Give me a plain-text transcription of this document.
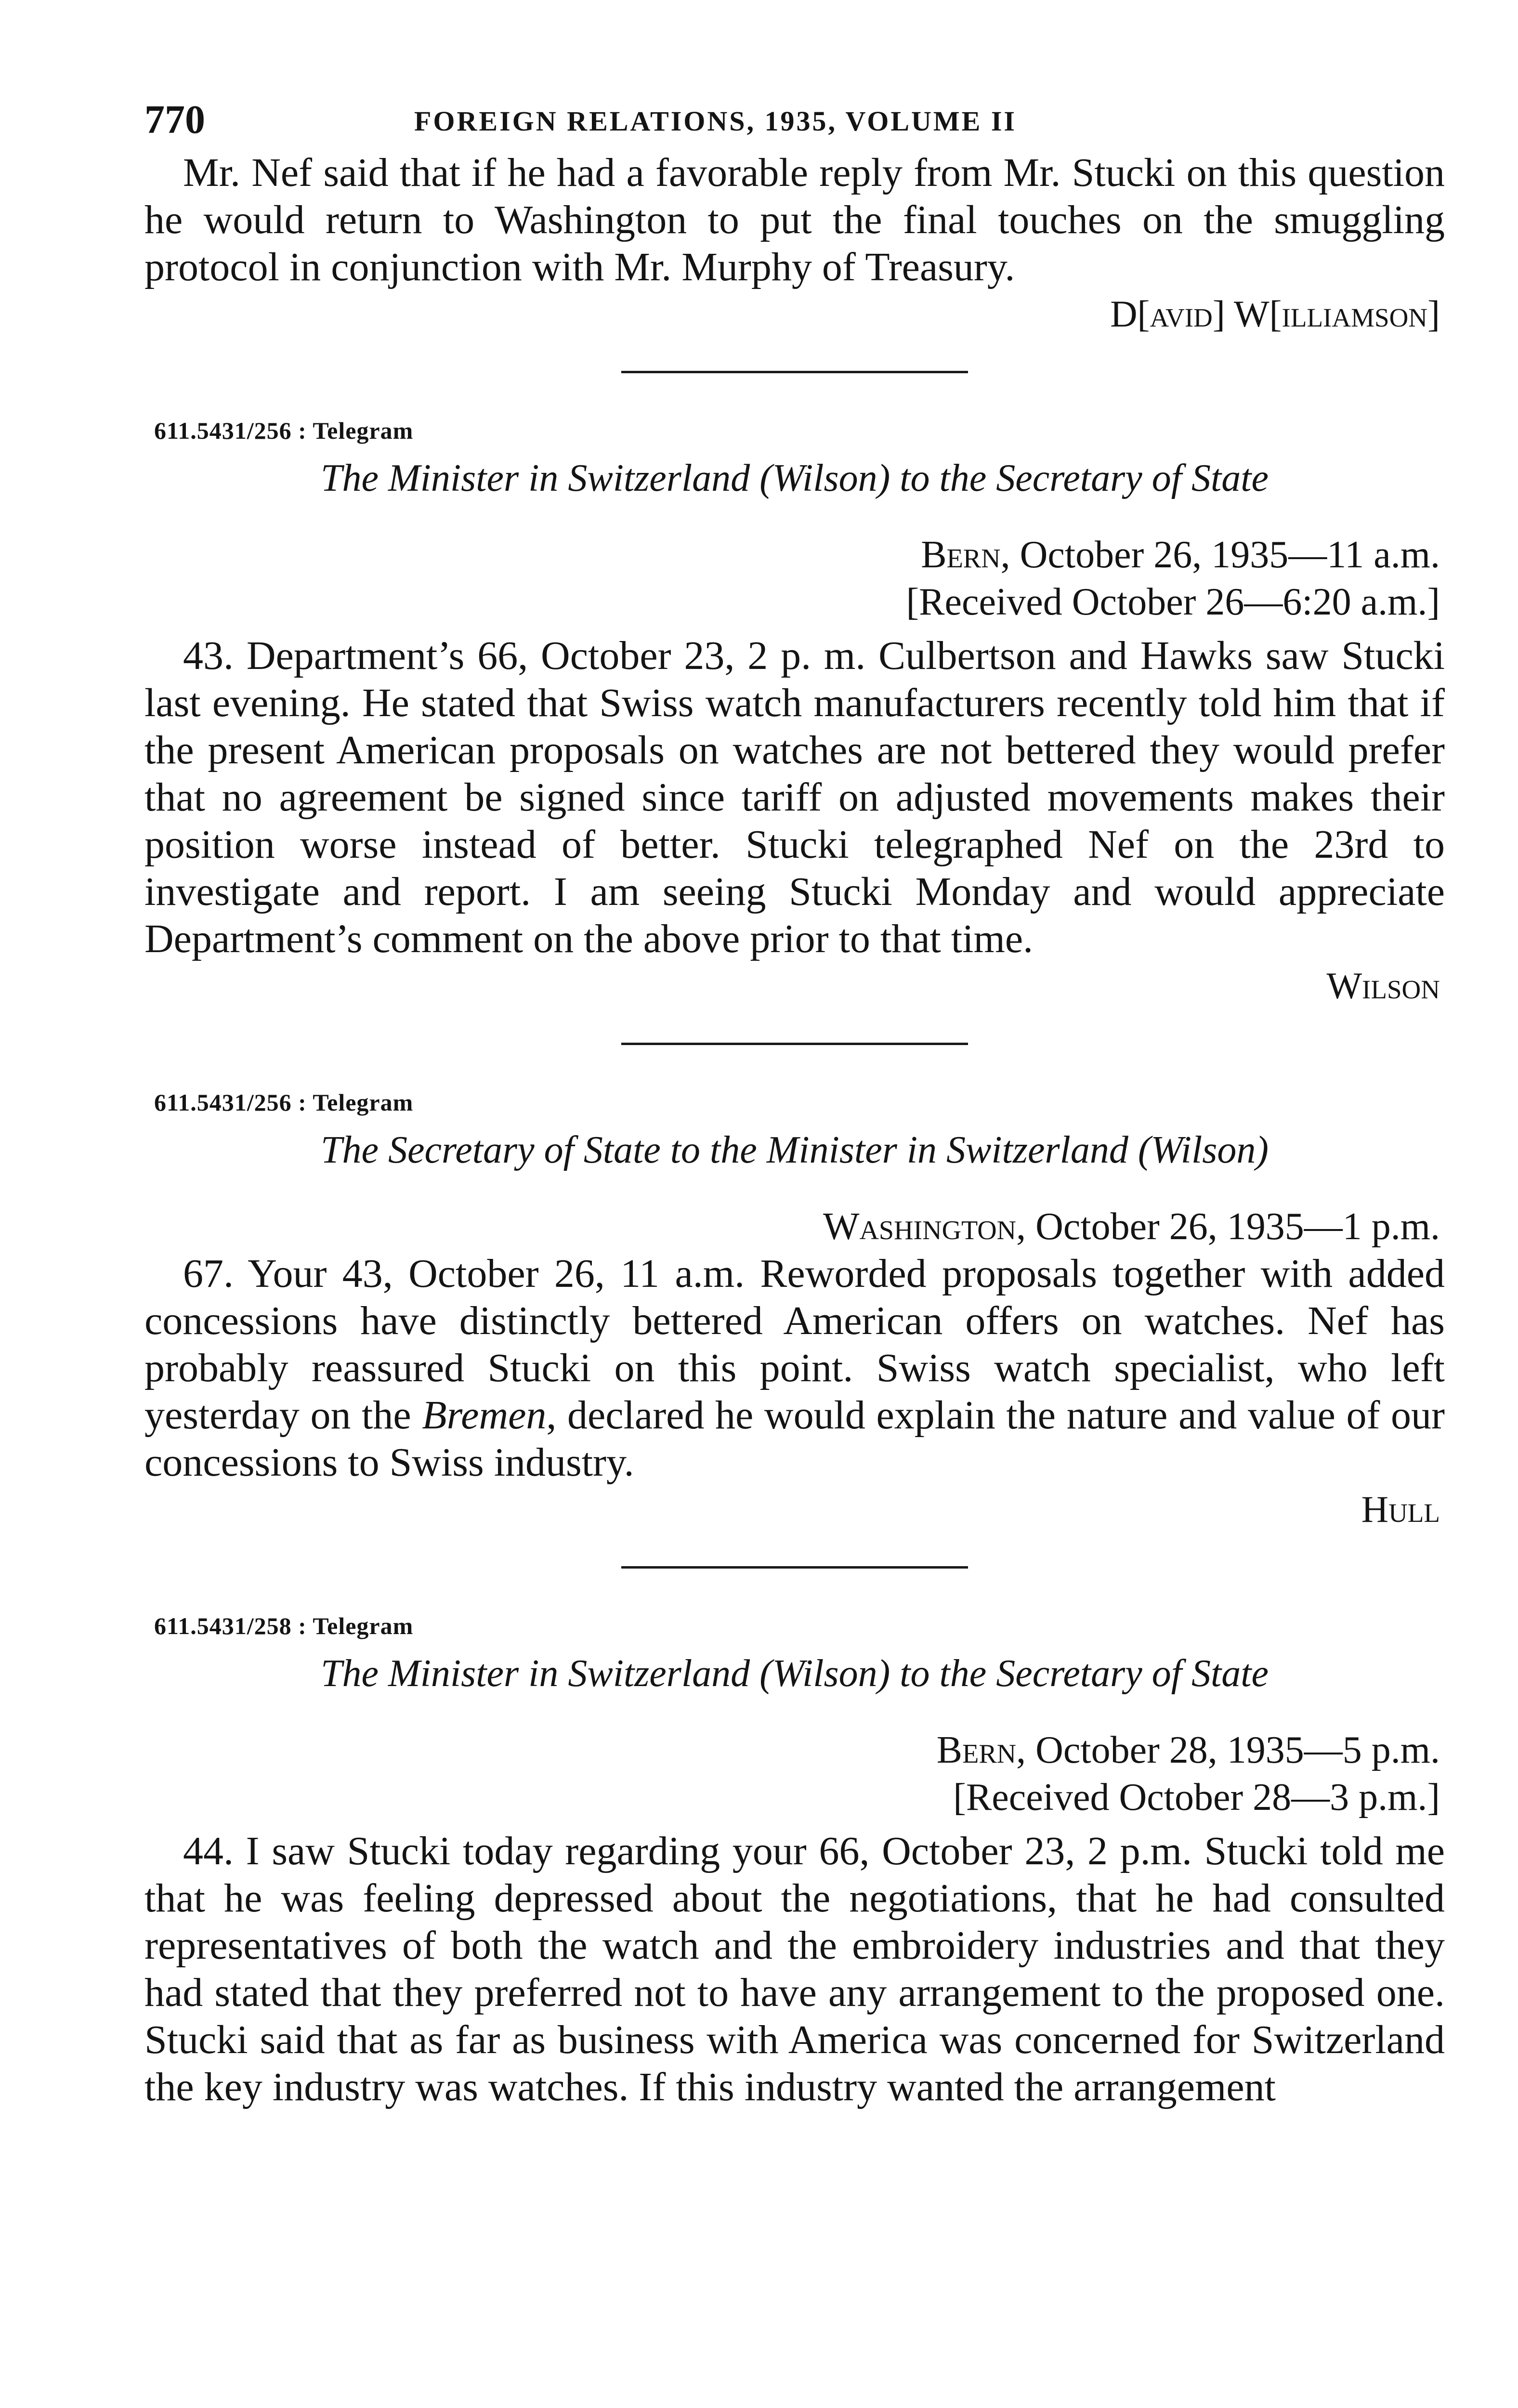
770	FOREIGN RELATIONS, 1935, VOLUME II

Mr. Nef said that if he had a favorable reply from Mr. Stucki on this question he would return to Washington to put the final touches on the smuggling protocol in conjunction with Mr. Murphy of Treasury.

D[avid] W[illiamson]
611.5431/256 : Telegram
The Minister in Switzerland (Wilson) to the Secretary of State
Bern, October 26, 1935—11 a.m.
[Received October 26—6:20 a.m.]

43. Department’s 66, October 23, 2 p. m. Culbertson and Hawks saw Stucki last evening. He stated that Swiss watch manufacturers recently told him that if the present American proposals on watches are not bettered they would prefer that no agreement be signed since tariff on adjusted movements makes their position worse instead of better. Stucki telegraphed Nef on the 23rd to investigate and report. I am seeing Stucki Monday and would appreciate Department’s comment on the above prior to that time.

Wilson
611.5431/256 : Telegram
The Secretary of State to the Minister in Switzerland (Wilson)
Washington, October 26, 1935—1 p.m.

67. Your 43, October 26, 11 a.m. Reworded proposals together with added concessions have distinctly bettered American offers on watches. Nef has probably reassured Stucki on this point. Swiss watch specialist, who left yesterday on the Bremen, declared he would explain the nature and value of our concessions to Swiss industry.

Hull
611.5431/258 : Telegram
The Minister in Switzerland (Wilson) to the Secretary of State
Bern, October 28, 1935—5 p.m.
[Received October 28—3 p.m.]

44. I saw Stucki today regarding your 66, October 23, 2 p.m. Stucki told me that he was feeling depressed about the negotiations, that he had consulted representatives of both the watch and the embroidery industries and that they had stated that they preferred not to have any arrangement to the proposed one. Stucki said that as far as business with America was concerned for Switzerland the key industry was watches. If this industry wanted the arrangement
